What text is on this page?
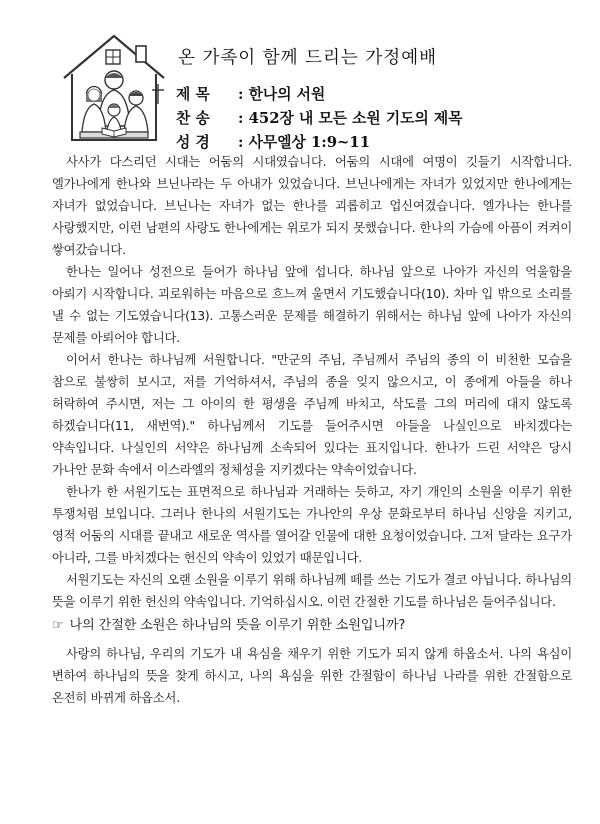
온 가족이 함께 드리는 가정예배
제 목 : 한나의 서원
찬 송 : 452장 내 모든 소원 기도의 제목
성 경 : 사무엘상 1:9~11

사사가 다스리던 시대는 어둠의 시대였습니다. 어둠의 시대에 여명이 깃들기 시작합니다. 엘가나에게 한나와 브닌나라는 두 아내가 있었습니다. 브닌나에게는 자녀가 있었지만 한나에게는 자녀가 없었습니다. 브닌나는 자녀가 없는 한나를 괴롭히고 업신여겼습니다. 엘가나는 한나를 사랑했지만, 이런 남편의 사랑도 한나에게는 위로가 되지 못했습니다. 한나의 가슴에 아픔이 켜켜이 쌓여갔습니다.

한나는 일어나 성전으로 들어가 하나님 앞에 섭니다. 하나님 앞으로 나아가 자신의 억울함을 아뢰기 시작합니다. 괴로워하는 마음으로 흐느껴 울면서 기도했습니다(10). 차마 입 밖으로 소리를 낼 수 없는 기도였습니다(13). 고통스러운 문제를 해결하기 위해서는 하나님 앞에 나아가 자신의 문제를 아뢰어야 합니다.

이어서 한나는 하나님께 서원합니다. "만군의 주님, 주님께서 주님의 종의 이 비천한 모습을 참으로 불쌍히 보시고, 저를 기억하셔서, 주님의 종을 잊지 않으시고, 이 종에게 아들을 하나 허락하여 주시면, 저는 그 아이의 한 평생을 주님께 바치고, 삭도를 그의 머리에 대지 않도록 하겠습니다(11, 새번역)." 하나님께서 기도를 들어주시면 아들을 나실인으로 바치겠다는 약속입니다. 나실인의 서약은 하나님께 소속되어 있다는 표지입니다. 한나가 드린 서약은 당시 가나안 문화 속에서 이스라엘의 정체성을 지키겠다는 약속이었습니다.

한나가 한 서원기도는 표면적으로 하나님과 거래하는 듯하고, 자기 개인의 소원을 이루기 위한 투쟁처럼 보입니다. 그러나 한나의 서원기도는 가나안의 우상 문화로부터 하나님 신앙을 지키고, 영적 어둠의 시대를 끝내고 새로운 역사를 열어갈 인물에 대한 요청이었습니다. 그저 달라는 요구가 아니라, 그를 바치겠다는 헌신의 약속이 있었기 때문입니다.

서원기도는 자신의 오랜 소원을 이루기 위해 하나님께 떼를 쓰는 기도가 결코 아닙니다. 하나님의 뜻을 이루기 위한 헌신의 약속입니다. 기억하십시오. 이런 간절한 기도를 하나님은 들어주십니다.

☞ 나의 간절한 소원은 하나님의 뜻을 이루기 위한 소원입니까?

사랑의 하나님, 우리의 기도가 내 욕심을 채우기 위한 기도가 되지 않게 하옵소서. 나의 욕심이 변하여 하나님의 뜻을 찾게 하시고, 나의 욕심을 위한 간절함이 하나님 나라를 위한 간절함으로 온전히 바뀌게 하옵소서.
